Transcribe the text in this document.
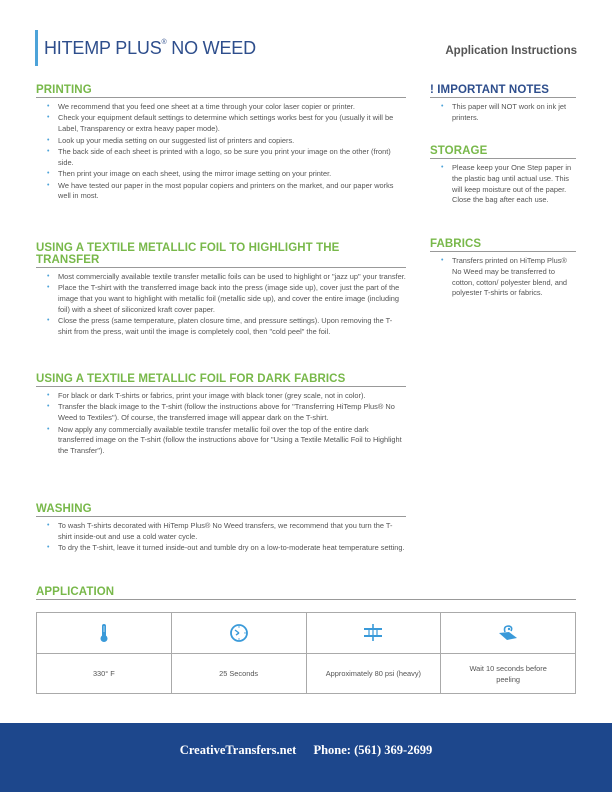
HITEMP PLUS® NO WEED	Application Instructions
PRINTING
• We recommend that you feed one sheet at a time through your color laser copier or printer.
• Check your equipment default settings to determine which settings works best for you (usually it will be Label, Transparency or extra heavy paper mode).
• Look up your media setting on our suggested list of printers and copiers.
• The back side of each sheet is printed with a logo, so be sure you print your image on the other (front) side.
• Then print your image on each sheet, using the mirror image setting on your printer.
• We have tested our paper in the most popular copiers and printers on the market, and our paper works well in most.
USING A TEXTILE METALLIC FOIL TO HIGHLIGHT THE TRANSFER
• Most commercially available textile transfer metallic foils can be used to highlight or "jazz up" your transfer.
• Place the T-shirt with the transferred image back into the press (image side up), cover just the part of the image that you want to highlight with metallic foil (metallic side up), and cover the entire image (including foil) with a sheet of siliconized kraft cover paper.
• Close the press (same temperature, platen closure time, and pressure settings). Upon removing the T-shirt from the press, wait until the image is completely cool, then "cold peel" the foil.
USING A TEXTILE METALLIC FOIL FOR DARK FABRICS
• For black or dark T-shirts or fabrics, print your image with black toner (grey scale, not in color).
• Transfer the black image to the T-shirt (follow the instructions above for "Transferring HiTemp Plus® No Weed to Textiles"). Of course, the transferred image will appear dark on the T-shirt.
• Now apply any commercially available textile transfer metallic foil over the top of the entire dark transferred image on the T-shirt (follow the instructions above for "Using a Textile Metallic Foil to Highlight the Transfer").
WASHING
• To wash T-shirts decorated with HiTemp Plus® No Weed transfers, we recommend that you turn the T-shirt inside-out and use a cold water cycle.
• To dry the T-shirt, leave it turned inside-out and tumble dry on a low-to-moderate heat temperature setting.
! IMPORTANT NOTES
• This paper will NOT work on ink jet printers.
STORAGE
• Please keep your One Step paper in the plastic bag until actual use. This will keep moisture out of the paper. Close the bag after each use.
FABRICS
• Transfers printed on HiTemp Plus® No Weed may be transferred to cotton, cotton/ polyester blend, and polyester T-shirts or fabrics.
APPLICATION

330° F	25 Seconds	Approximately 80 psi (heavy)	Wait 10 seconds before peeling
CreativeTransfers.net Phone: (561) 369-2699
